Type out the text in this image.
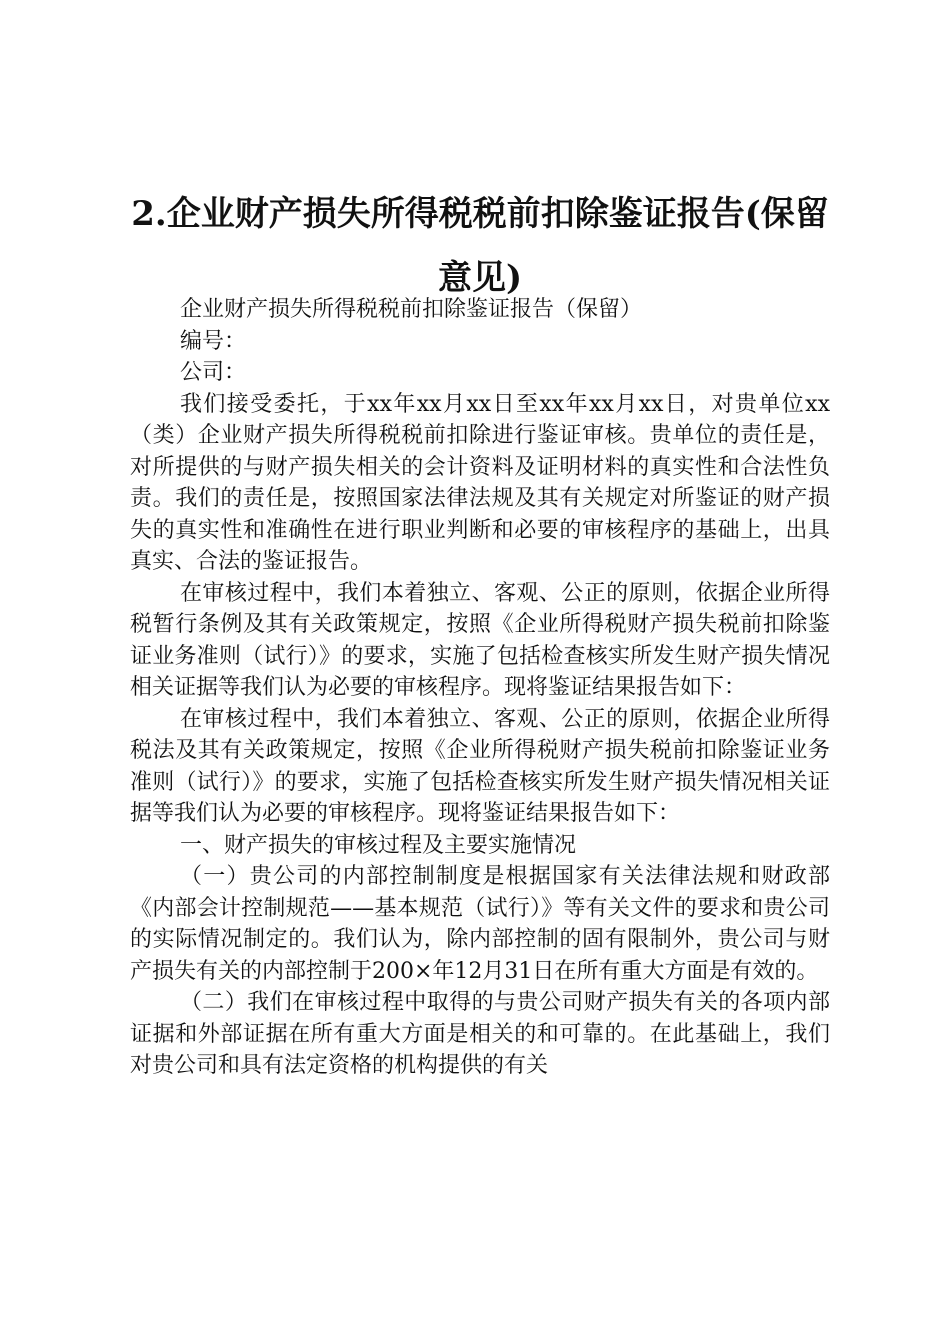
2.企业财产损失所得税税前扣除鉴证报告(保留意见)

企业财产损失所得税税前扣除鉴证报告（保留）

编号：

公司：

我们接受委托，于xx年xx月xx日至xx年xx月xx日，对贵单位xx（类）企业财产损失所得税税前扣除进行鉴证审核。贵单位的责任是，对所提供的与财产损失相关的会计资料及证明材料的真实性和合法性负责。我们的责任是，按照国家法律法规及其有关规定对所鉴证的财产损失的真实性和准确性在进行职业判断和必要的审核程序的基础上，出具真实、合法的鉴证报告。

在审核过程中，我们本着独立、客观、公正的原则，依据企业所得税暂行条例及其有关政策规定，按照《企业所得税财产损失税前扣除鉴证业务准则（试行）》的要求，实施了包括检查核实所发生财产损失情况相关证据等我们认为必要的审核程序。现将鉴证结果报告如下：

在审核过程中，我们本着独立、客观、公正的原则，依据企业所得税法及其有关政策规定，按照《企业所得税财产损失税前扣除鉴证业务准则（试行）》的要求，实施了包括检查核实所发生财产损失情况相关证据等我们认为必要的审核程序。现将鉴证结果报告如下：

一、财产损失的审核过程及主要实施情况

（一）贵公司的内部控制制度是根据国家有关法律法规和财政部《内部会计控制规范——基本规范（试行）》等有关文件的要求和贵公司的实际情况制定的。我们认为，除内部控制的固有限制外，贵公司与财产损失有关的内部控制于200×年12月31日在所有重大方面是有效的。

（二）我们在审核过程中取得的与贵公司财产损失有关的各项内部证据和外部证据在所有重大方面是相关的和可靠的。在此基础上，我们对贵公司和具有法定资格的机构提供的有关
